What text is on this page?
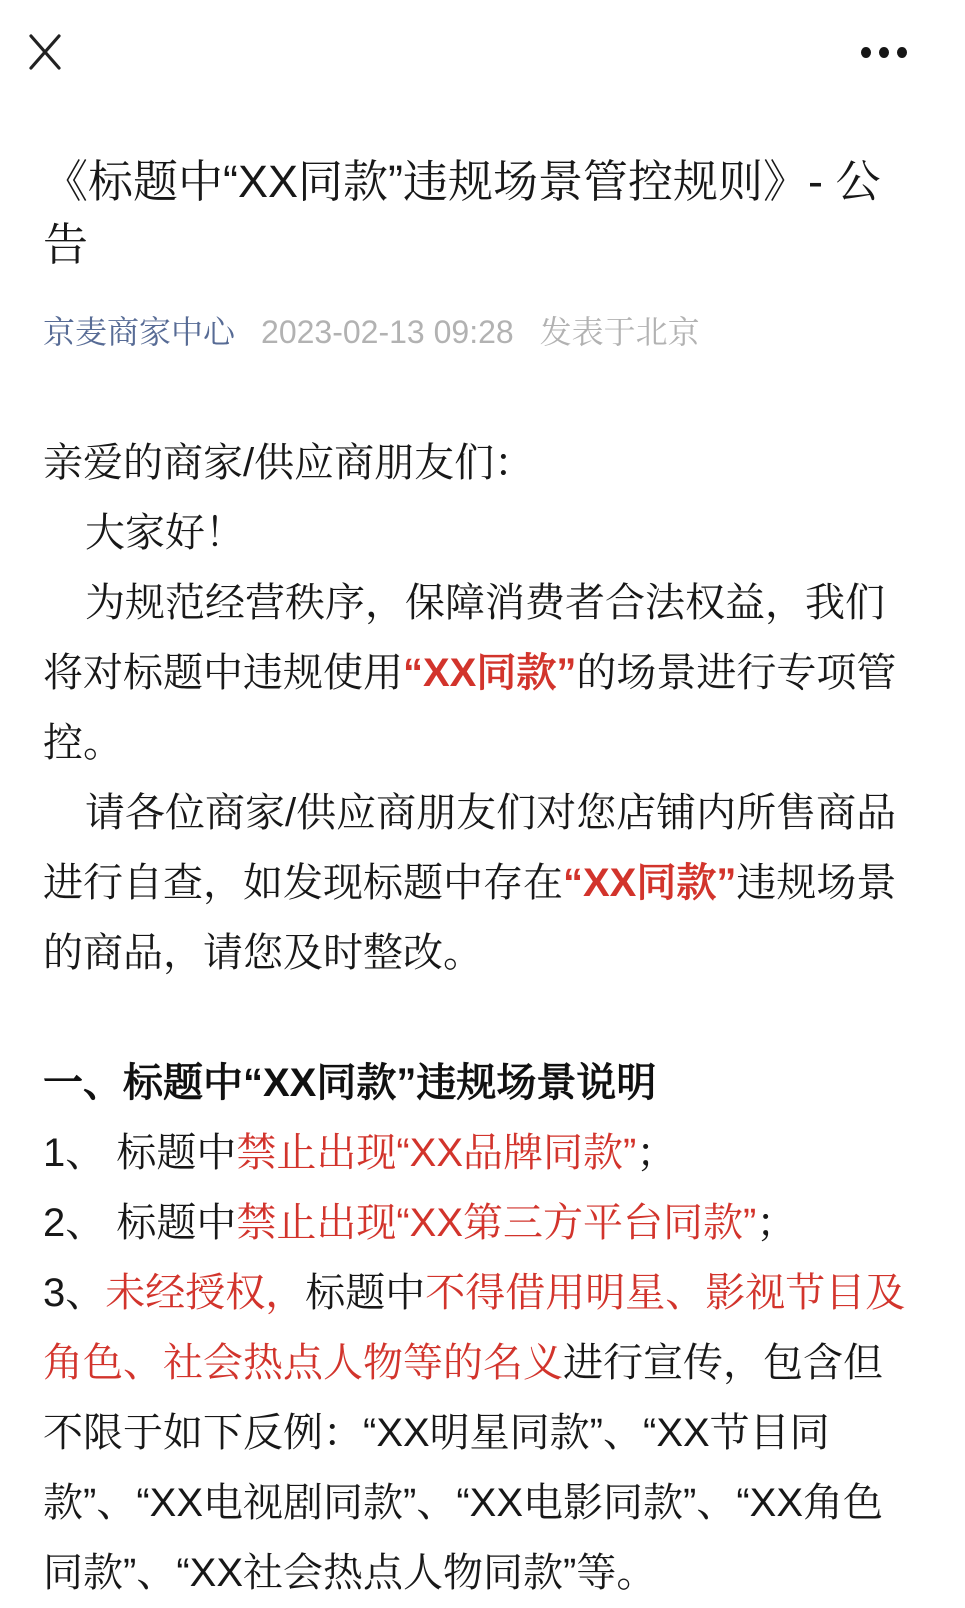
《标题中“XX同款”违规场景管控规则》- 公告
京麦商家中心 2023-02-13 09:28 发表于北京

亲爱的商家/供应商朋友们：

大家好！

为规范经营秩序，保障消费者合法权益，我们将对标题中违规使用“XX同款”的场景进行专项管控。

请各位商家/供应商朋友们对您店铺内所售商品进行自查，如发现标题中存在“XX同款”违规场景的商品，请您及时整改。

一、标题中“XX同款”违规场景说明

1、 标题中禁止出现“XX品牌同款”；

2、 标题中禁止出现“XX第三方平台同款”；

3、未经授权，标题中不得借用明星、影视节目及角色、社会热点人物等的名义进行宣传，包含但不限于如下反例：“XX明星同款”、“XX节目同款”、“XX电视剧同款”、“XX电影同款”、“XX角色同款”、“XX社会热点人物同款”等。
